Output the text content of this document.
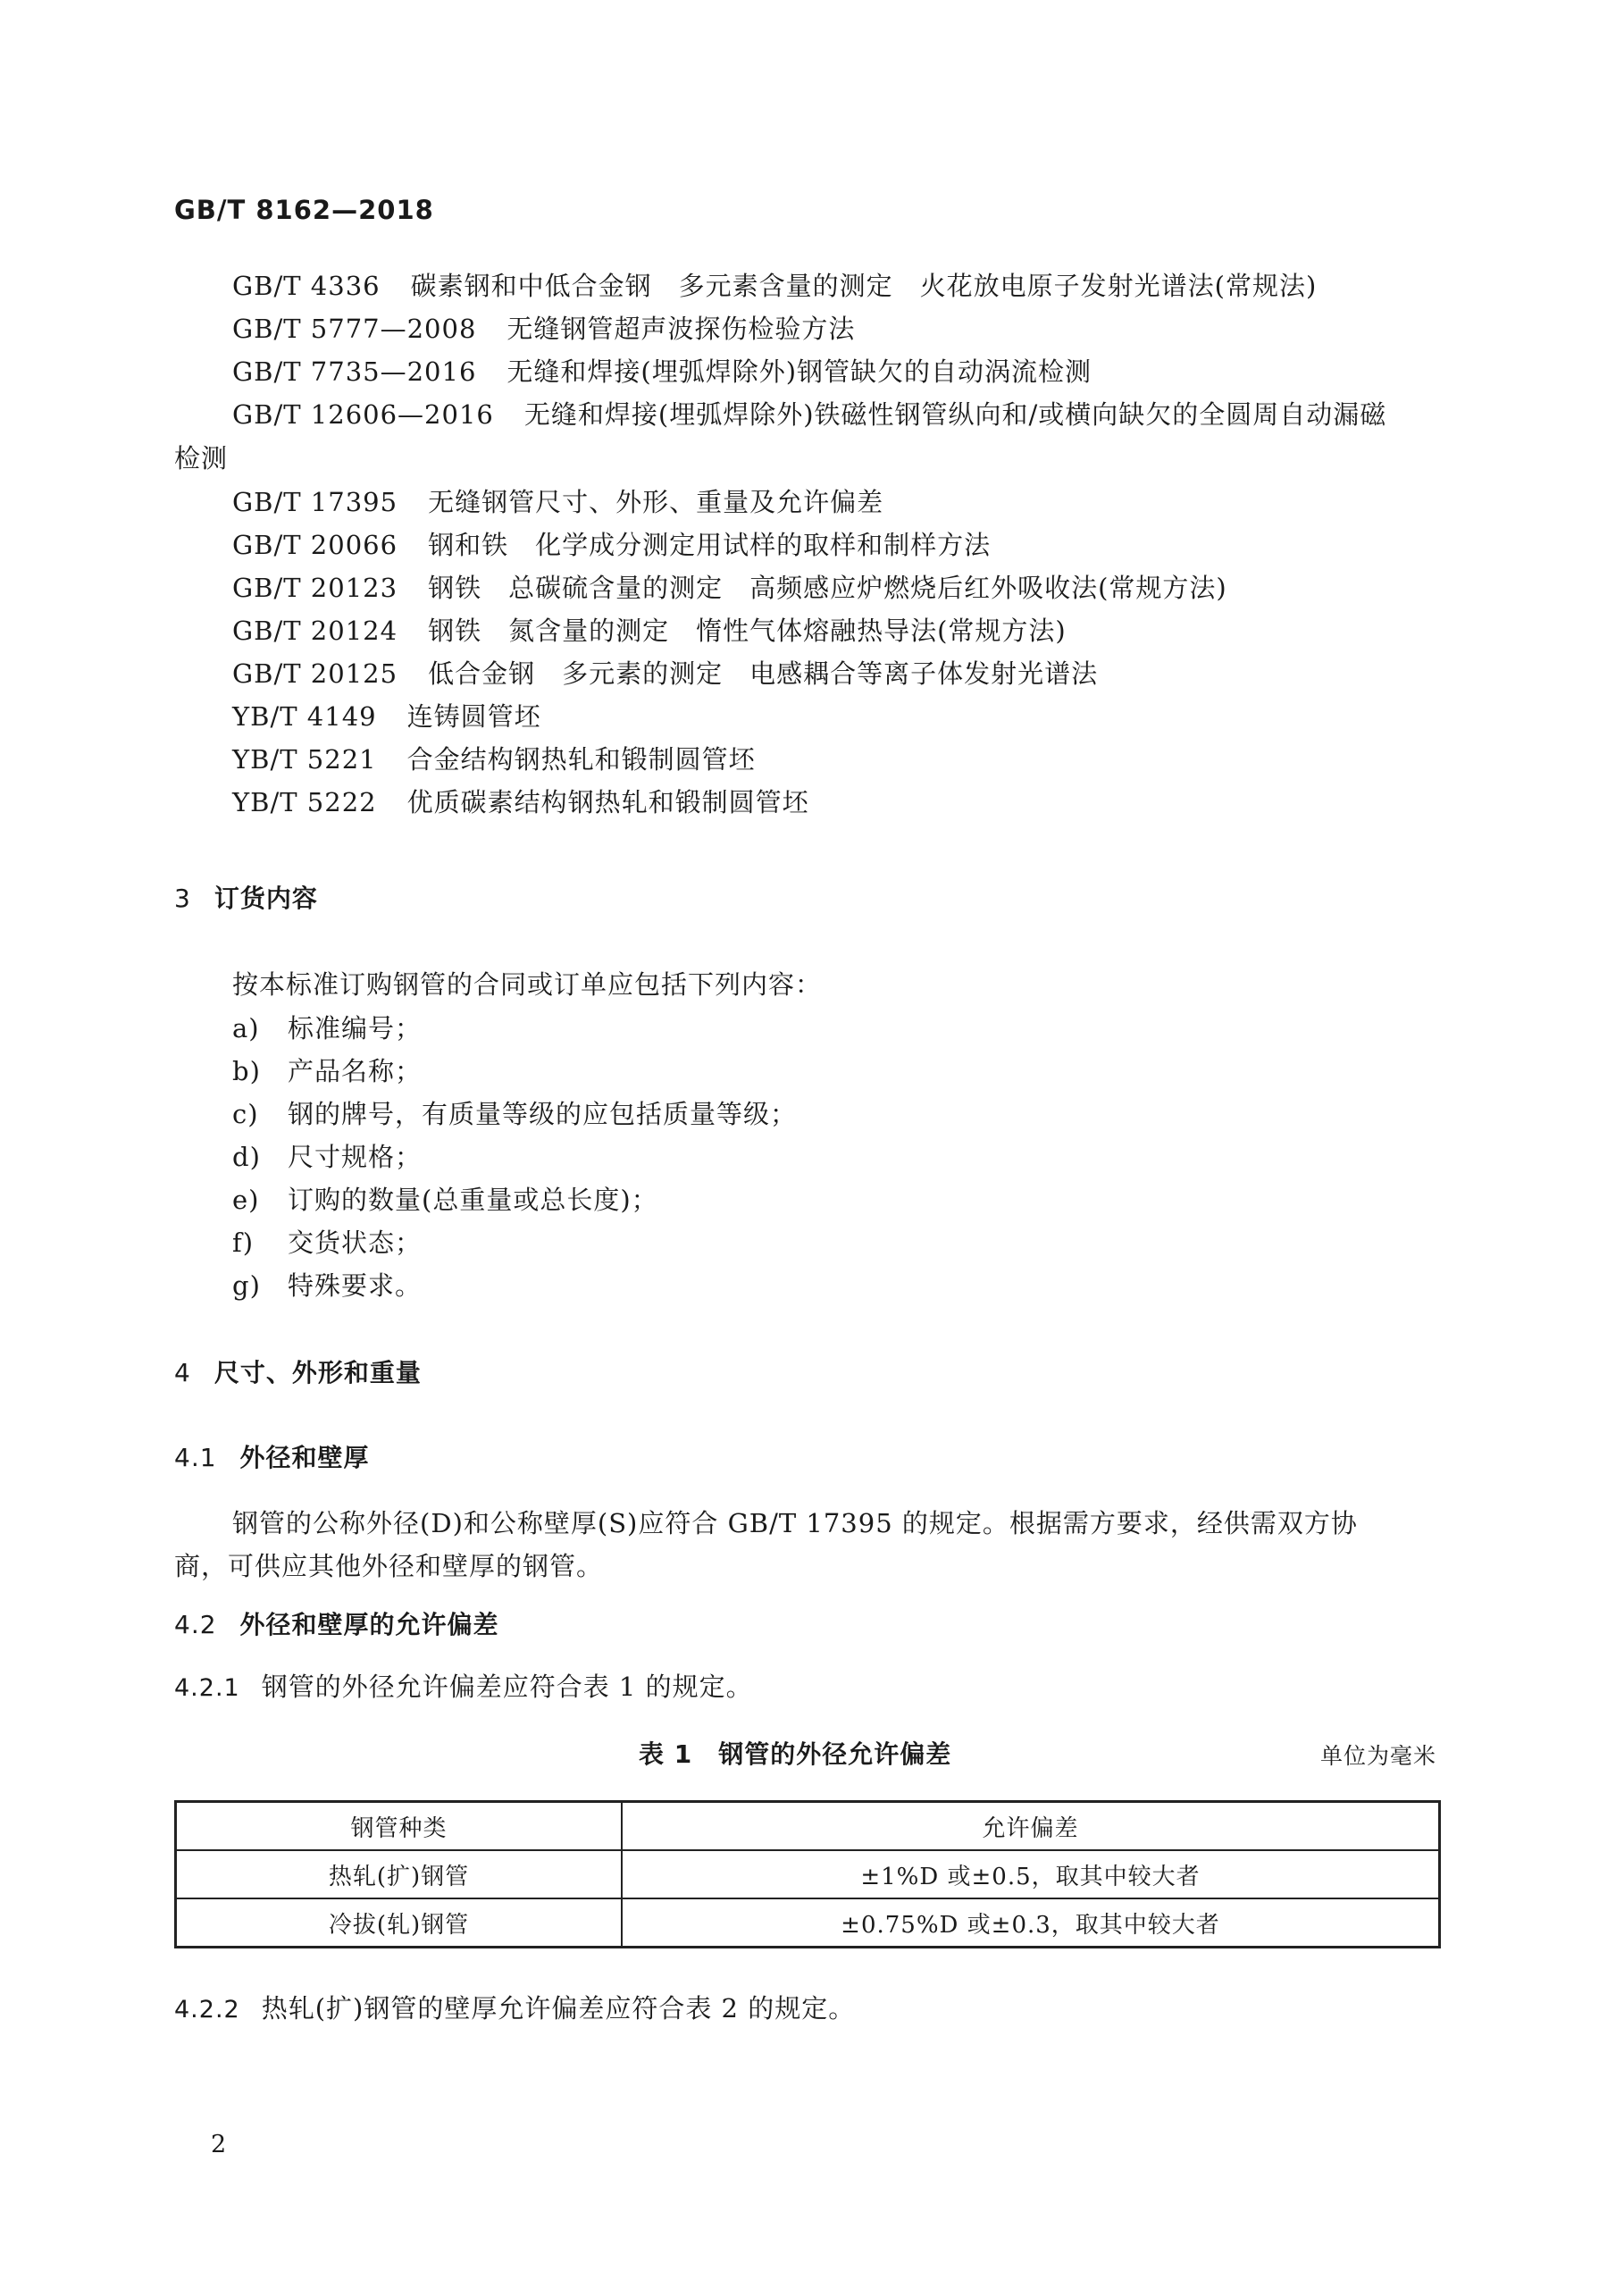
GB/T 8162—2018
GB/T 4336 碳素钢和中低合金钢　多元素含量的测定　火花放电原子发射光谱法(常规法)
GB/T 5777—2008 无缝钢管超声波探伤检验方法
GB/T 7735—2016 无缝和焊接(埋弧焊除外)钢管缺欠的自动涡流检测
GB/T 12606—2016 无缝和焊接(埋弧焊除外)铁磁性钢管纵向和/或横向缺欠的全圆周自动漏磁
检测
GB/T 17395 无缝钢管尺寸、外形、重量及允许偏差
GB/T 20066 钢和铁　化学成分测定用试样的取样和制样方法
GB/T 20123 钢铁　总碳硫含量的测定　高频感应炉燃烧后红外吸收法(常规方法)
GB/T 20124 钢铁　氮含量的测定　惰性气体熔融热导法(常规方法)
GB/T 20125 低合金钢　多元素的测定　电感耦合等离子体发射光谱法
YB/T 4149 连铸圆管坯
YB/T 5221 合金结构钢热轧和锻制圆管坯
YB/T 5222 优质碳素结构钢热轧和锻制圆管坯
3 订货内容
按本标准订购钢管的合同或订单应包括下列内容：
a) 标准编号；
b) 产品名称；
c) 钢的牌号，有质量等级的应包括质量等级；
d) 尺寸规格；
e) 订购的数量(总重量或总长度)；
f) 交货状态；
g) 特殊要求。
4 尺寸、外形和重量
4.1 外径和壁厚
钢管的公称外径(D)和公称壁厚(S)应符合 GB/T 17395 的规定。根据需方要求，经供需双方协
商，可供应其他外径和壁厚的钢管。
4.2 外径和壁厚的允许偏差
4.2.1 钢管的外径允许偏差应符合表 1 的规定。
表 1　钢管的外径允许偏差	单位为毫米
钢管种类	允许偏差
热轧(扩)钢管	±1%D 或±0.5，取其中较大者
冷拔(轧)钢管	±0.75%D 或±0.3，取其中较大者
4.2.2 热轧(扩)钢管的壁厚允许偏差应符合表 2 的规定。
2
